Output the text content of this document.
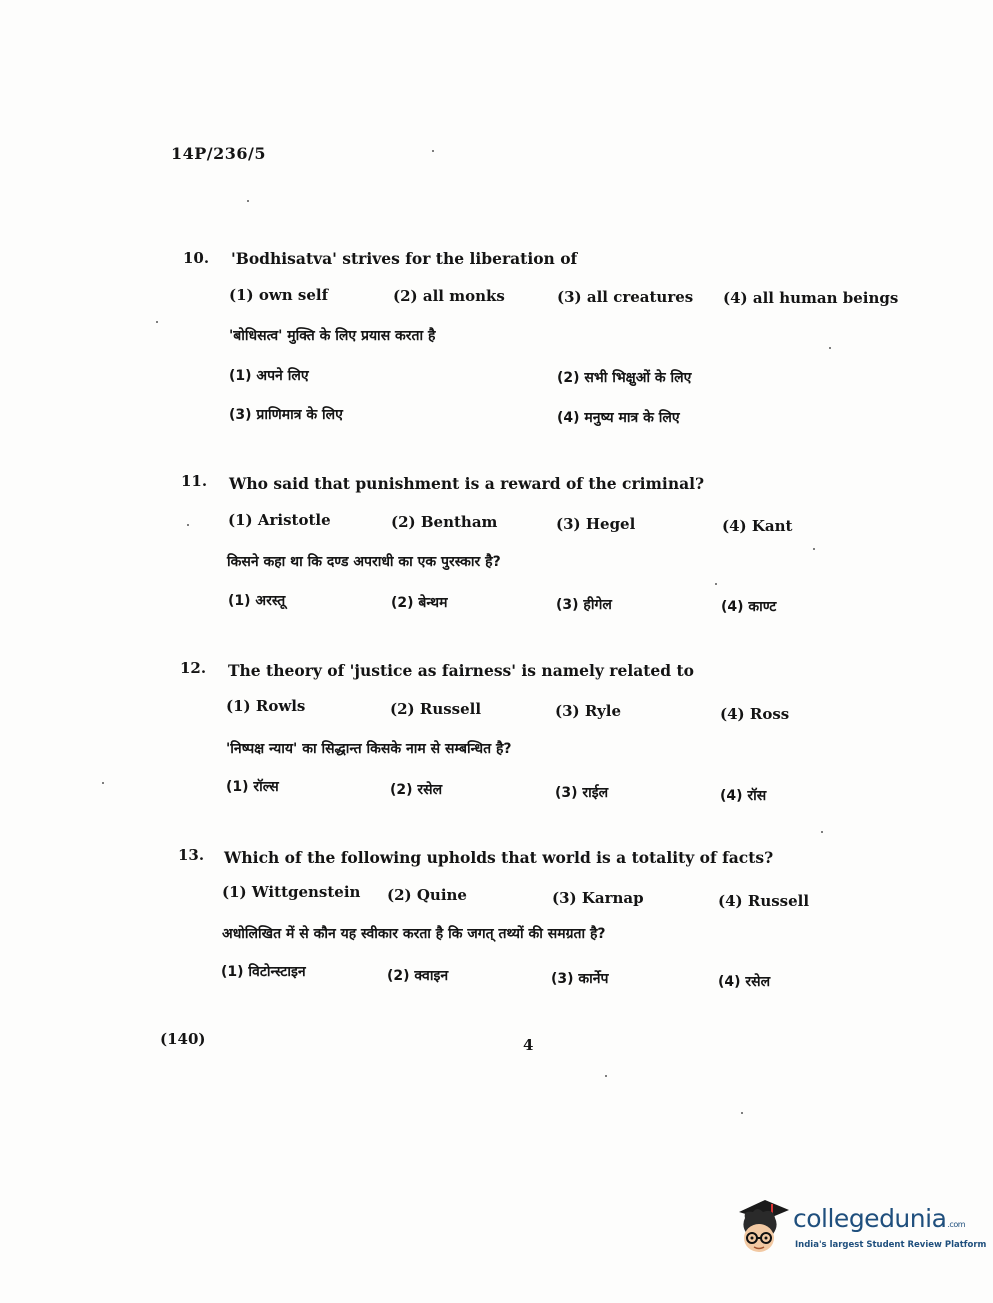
14P/236/5
10. 'Bodhisatva' strives for the liberation of
(1) own self	(2) all monks	(3) all creatures (4) all human beings
'बोधिसत्व' मुक्ति के लिए प्रयास करता है
(1) अपने लिए	(2) सभी भिक्षुओं के लिए
(3) प्राणिमात्र के लिए	(4) मनुष्य मात्र के लिए
11. Who said that punishment is a reward of the criminal?
(1) Aristotle	(2) Bentham	(3) Hegel	(4) Kant
किसने कहा था कि दण्ड अपराधी का एक पुरस्कार है?
(1) अरस्तू	(2) बेन्थम	(3) हीगेल	(4) काण्ट
12. The theory of 'justice as fairness' is namely related to
(1) Rowls	(2) Russell	(3) Ryle	(4) Ross
'निष्पक्ष न्याय' का सिद्धान्त किसके नाम से सम्बन्धित है?
(1) रॉल्स	(2) रसेल	(3) राईल	(4) रॉस
13. Which of the following upholds that world is a totality of facts?
(1) Wittgenstein (2) Quine	(3) Karnap	(4) Russell
अधोलिखित में से कौन यह स्वीकार करता है कि जगत् तथ्यों की समग्रता है?
(1) विटोन्स्टाइन	(2) क्वाइन	(3) कार्नेप	(4) रसेल
(140)	4
collegedunia.com
India's largest Student Review Platform
